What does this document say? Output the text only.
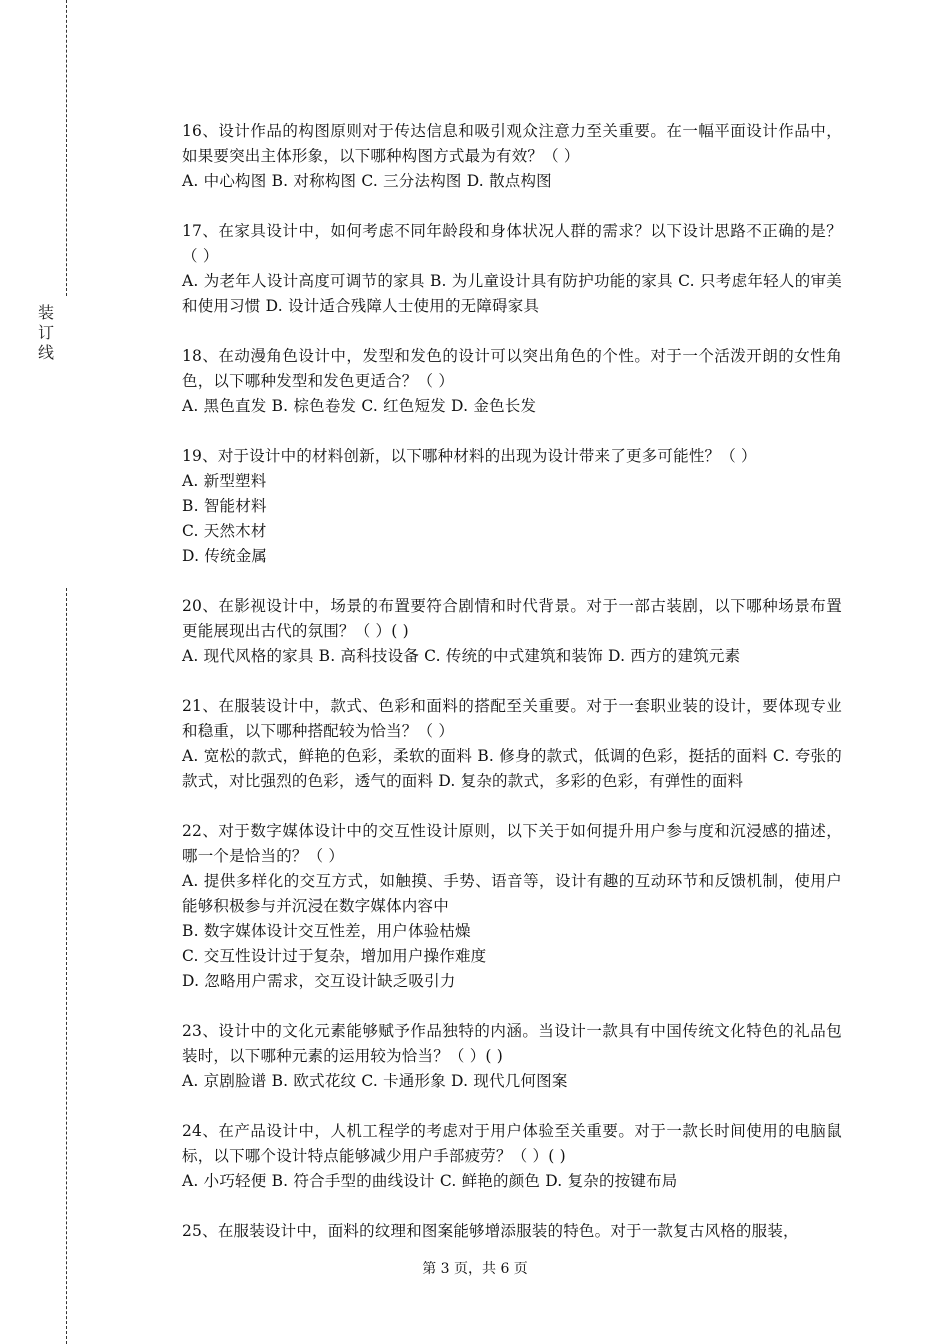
装
订
线

16、设计作品的构图原则对于传达信息和吸引观众注意力至关重要。在一幅平面设计作品中，如果要突出主体形象，以下哪种构图方式最为有效？（ ）

A. 中心构图 B. 对称构图 C. 三分法构图 D. 散点构图

17、在家具设计中，如何考虑不同年龄段和身体状况人群的需求？以下设计思路不正确的是？（ ）

A. 为老年人设计高度可调节的家具 B. 为儿童设计具有防护功能的家具 C. 只考虑年轻人的审美和使用习惯 D. 设计适合残障人士使用的无障碍家具

18、在动漫角色设计中，发型和发色的设计可以突出角色的个性。对于一个活泼开朗的女性角色，以下哪种发型和发色更适合？（ ）

A. 黑色直发 B. 棕色卷发 C. 红色短发 D. 金色长发

19、对于设计中的材料创新，以下哪种材料的出现为设计带来了更多可能性？（ ）

A. 新型塑料

B. 智能材料

C. 天然木材

D. 传统金属

20、在影视设计中，场景的布置要符合剧情和时代背景。对于一部古装剧，以下哪种场景布置更能展现出古代的氛围？（ ）( )

A. 现代风格的家具 B. 高科技设备 C. 传统的中式建筑和装饰 D. 西方的建筑元素

21、在服装设计中，款式、色彩和面料的搭配至关重要。对于一套职业装的设计，要体现专业和稳重，以下哪种搭配较为恰当？（ ）

A. 宽松的款式，鲜艳的色彩，柔软的面料 B. 修身的款式，低调的色彩，挺括的面料 C. 夸张的款式，对比强烈的色彩，透气的面料 D. 复杂的款式，多彩的色彩，有弹性的面料

22、对于数字媒体设计中的交互性设计原则，以下关于如何提升用户参与度和沉浸感的描述，哪一个是恰当的？（ ）

A. 提供多样化的交互方式，如触摸、手势、语音等，设计有趣的互动环节和反馈机制，使用户能够积极参与并沉浸在数字媒体内容中

B. 数字媒体设计交互性差，用户体验枯燥

C. 交互性设计过于复杂，增加用户操作难度

D. 忽略用户需求，交互设计缺乏吸引力

23、设计中的文化元素能够赋予作品独特的内涵。当设计一款具有中国传统文化特色的礼品包装时，以下哪种元素的运用较为恰当？（ ）( )

A. 京剧脸谱 B. 欧式花纹 C. 卡通形象 D. 现代几何图案

24、在产品设计中，人机工程学的考虑对于用户体验至关重要。对于一款长时间使用的电脑鼠标，以下哪个设计特点能够减少用户手部疲劳？（ ）( )

A. 小巧轻便 B. 符合手型的曲线设计 C. 鲜艳的颜色 D. 复杂的按键布局

25、在服装设计中，面料的纹理和图案能够增添服装的特色。对于一款复古风格的服装，

第 3 页，共 6 页
